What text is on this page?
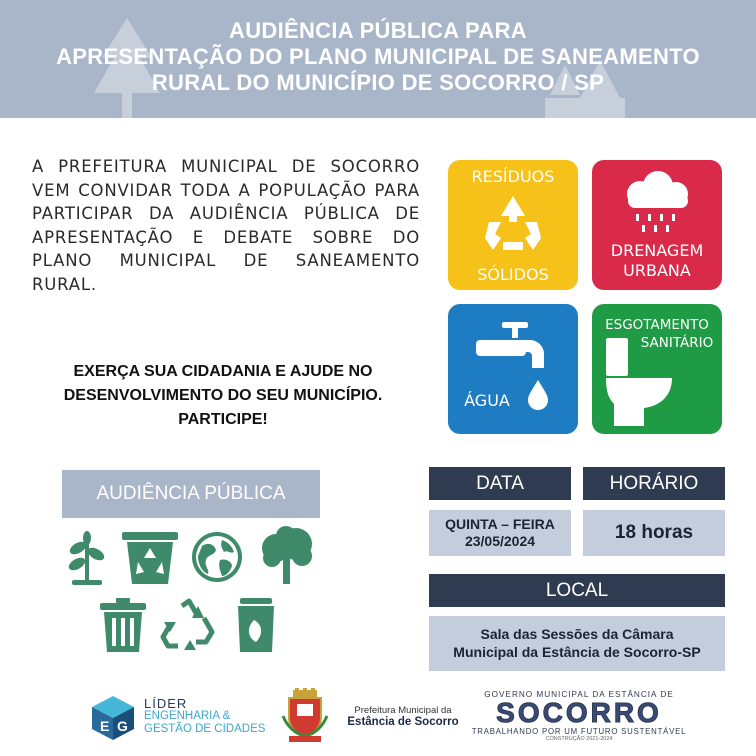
AUDIÊNCIA PÚBLICA PARA
APRESENTAÇÃO DO PLANO MUNICIPAL DE SANEAMENTO
RURAL DO MUNICÍPIO DE SOCORRO / SP

A PREFEITURA MUNICIPAL DE SOCORRO VEM CONVIDAR TODA A POPULAÇÃO PARA PARTICIPAR DA AUDIÊNCIA PÚBLICA DE APRESENTAÇÃO E DEBATE SOBRE DO PLANO MUNICIPAL DE SANEAMENTO RURAL.

EXERÇA SUA CIDADANIA E AJUDE NO
DESENVOLVIMENTO DO SEU MUNICÍPIO.
PARTICIPE!
RESÍDUOS
SÓLIDOS
DRENAGEM
URBANA
ÁGUA
ESGOTAMENTO
SANITÁRIO
AUDIÊNCIA PÚBLICA	DATA	HORÁRIO
QUINTA – FEIRA
23/05/2024	18 horas
LOCAL
Sala das Sessões da Câmara
Municipal da Estância de Socorro-SP
E G
LÍDER
ENGENHARIA &
GESTÃO DE CIDADES
Prefeitura Municipal da
Estância de Socorro
GOVERNO MUNICIPAL DA ESTÂNCIA DE
SOCORRO
TRABALHANDO POR UM FUTURO SUSTENTÁVEL
CONSTRUÇÃO 2021-2024
